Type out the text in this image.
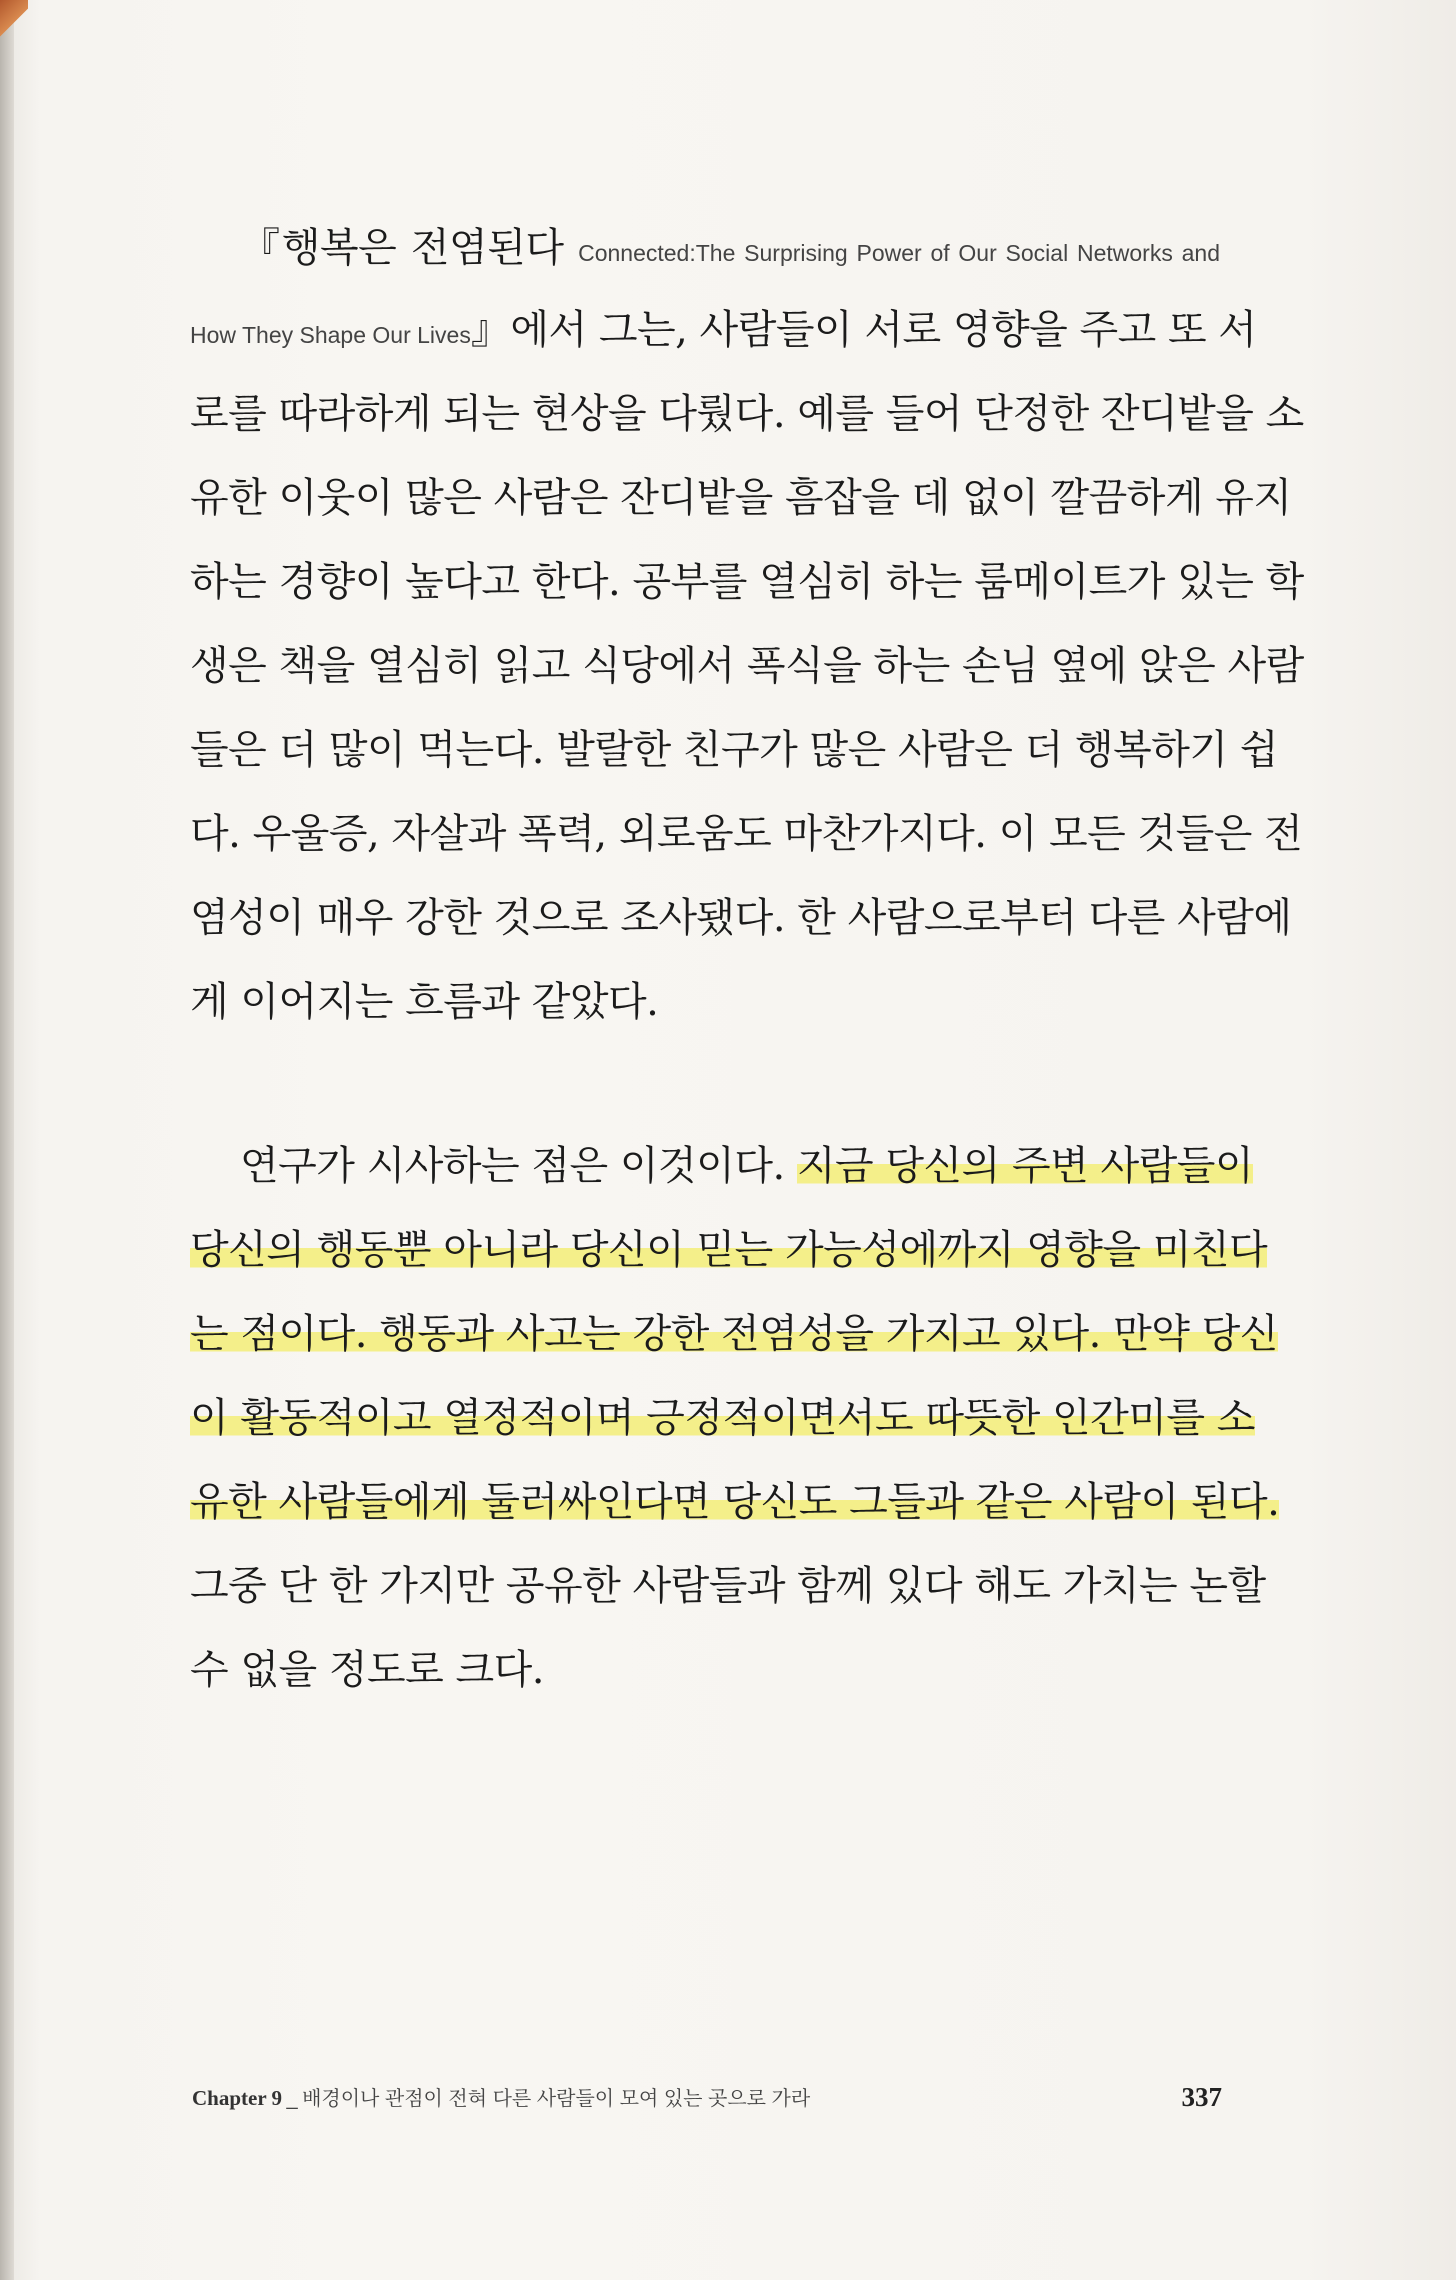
『행복은 전염된다 Connected:The Surprising Power of Our Social Networks and
How They Shape Our Lives』에서 그는, 사람들이 서로 영향을 주고 또 서
로를 따라하게 되는 현상을 다뤘다. 예를 들어 단정한 잔디밭을 소
유한 이웃이 많은 사람은 잔디밭을 흠잡을 데 없이 깔끔하게 유지
하는 경향이 높다고 한다. 공부를 열심히 하는 룸메이트가 있는 학
생은 책을 열심히 읽고 식당에서 폭식을 하는 손님 옆에 앉은 사람
들은 더 많이 먹는다. 발랄한 친구가 많은 사람은 더 행복하기 쉽
다. 우울증, 자살과 폭력, 외로움도 마찬가지다. 이 모든 것들은 전
염성이 매우 강한 것으로 조사됐다. 한 사람으로부터 다른 사람에
게 이어지는 흐름과 같았다.
연구가 시사하는 점은 이것이다. 지금 당신의 주변 사람들이
당신의 행동뿐 아니라 당신이 믿는 가능성에까지 영향을 미친다
는 점이다. 행동과 사고는 강한 전염성을 가지고 있다. 만약 당신
이 활동적이고 열정적이며 긍정적이면서도 따뜻한 인간미를 소
유한 사람들에게 둘러싸인다면 당신도 그들과 같은 사람이 된다.
그중 단 한 가지만 공유한 사람들과 함께 있다 해도 가치는 논할
수 없을 정도로 크다.
Chapter 9 _ 배경이나 관점이 전혀 다른 사람들이 모여 있는 곳으로 가라	337
